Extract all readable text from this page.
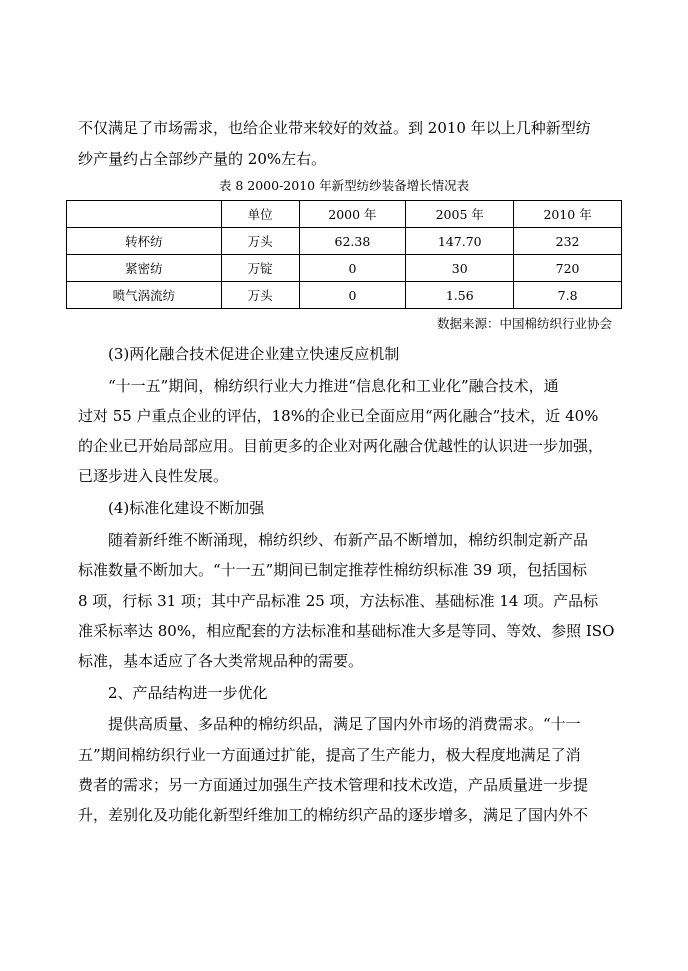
不仅满足了市场需求，也给企业带来较好的效益。到 2010 年以上几种新型纺
纱产量约占全部纱产量的 20%左右。
表 8 2000-2010 年新型纺纱装备增长情况表
	单位	2000 年	2005 年	2010 年
转杯纺	万头	62.38	147.70	232
紧密纺	万锭	0	30	720
喷气涡流纺	万头	0	1.56	7.8
数据来源：中国棉纺织行业协会
(3)两化融合技术促进企业建立快速反应机制
“十一五”期间，棉纺织行业大力推进“信息化和工业化”融合技术，通
过对 55 户重点企业的评估，18%的企业已全面应用“两化融合”技术，近 40%
的企业已开始局部应用。目前更多的企业对两化融合优越性的认识进一步加强，
已逐步进入良性发展。
(4)标准化建设不断加强
随着新纤维不断涌现，棉纺织纱、布新产品不断增加，棉纺织制定新产品
标准数量不断加大。“十一五”期间已制定推荐性棉纺织标准 39 项，包括国标
8 项，行标 31 项；其中产品标准 25 项，方法标准、基础标准 14 项。产品标
准采标率达 80%，相应配套的方法标准和基础标准大多是等同、等效、参照 ISO
标准，基本适应了各大类常规品种的需要。
2、产品结构进一步优化
提供高质量、多品种的棉纺织品，满足了国内外市场的消费需求。“十一
五”期间棉纺织行业一方面通过扩能，提高了生产能力，极大程度地满足了消
费者的需求；另一方面通过加强生产技术管理和技术改造，产品质量进一步提
升，差别化及功能化新型纤维加工的棉纺织产品的逐步增多，满足了国内外不
